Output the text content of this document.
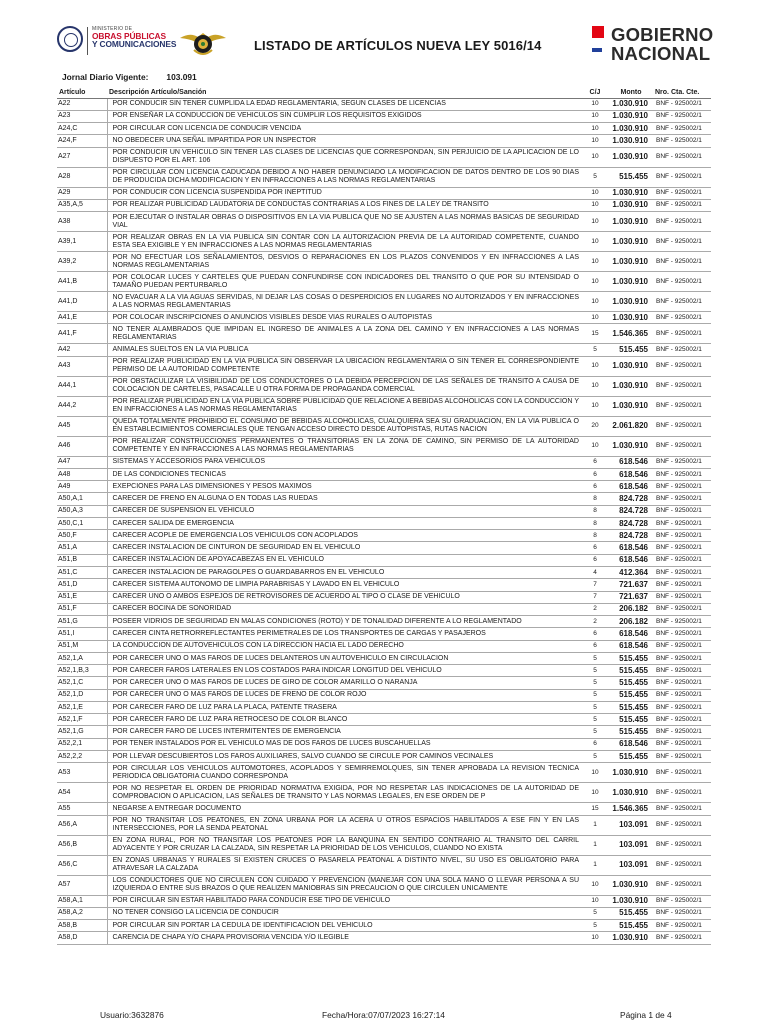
MINISTERIO DE
OBRAS PÚBLICAS
Y COMUNICACIONES	LISTADO DE ARTÍCULOS NUEVA LEY 5016/14
GOBIERNO
NACIONAL
Jornal Diario Vigente: 103.091
Artículo	Descripción Artículo/Sanción	C/J	Monto	Nro. Cta. Cte.
A22	POR CONDUCIR SIN TENER CUMPLIDA LA EDAD REGLAMENTARIA, SEGUN CLASES DE LICENCIAS	10	1.030.910	BNF - 925002/1
A23	POR ENSEÑAR LA CONDUCCION DE VEHICULOS SIN CUMPLIR LOS REQUISITOS EXIGIDOS	10	1.030.910	BNF - 925002/1
A24,C	POR CIRCULAR CON LICENCIA DE CONDUCIR VENCIDA	10	1.030.910	BNF - 925002/1
A24,F	NO OBEDECER UNA SEÑAL IMPARTIDA POR UN INSPECTOR	10	1.030.910	BNF - 925002/1
A27	POR CONDUCIR UN VEHICULO SIN TENER LAS CLASES DE LICENCIAS QUE CORRESPONDAN, SIN PERJUICIO DE LA APLICACION DE LO DISPUESTO POR EL ART. 106	10	1.030.910	BNF - 925002/1
A28	POR CIRCULAR CON LICENCIA CADUCADA DEBIDO A NO HABER DENUNCIADO LA MODIFICACION DE DATOS DENTRO DE LOS 90 DIAS DE PRODUCIDA DICHA MODIFICACION Y EN INFRACCIONES A LAS NORMAS REGLAMENTARIAS	5	515.455	BNF - 925002/1
A29	POR CONDUCIR CON LICENCIA SUSPENDIDA POR INEPTITUD	10	1.030.910	BNF - 925002/1
A35,A,5	POR REALIZAR PUBLICIDAD LAUDATORIA DE CONDUCTAS CONTRARIAS A LOS FINES DE LA LEY DE TRANSITO	10	1.030.910	BNF - 925002/1
A38	POR EJECUTAR O INSTALAR OBRAS O DISPOSITIVOS EN LA VIA PUBLICA QUE NO SE AJUSTEN A LAS NORMAS BASICAS DE SEGURIDAD VIAL	10	1.030.910	BNF - 925002/1
A39,1	POR REALIZAR OBRAS EN LA VIA PUBLICA SIN CONTAR CON LA AUTORIZACION PREVIA DE LA AUTORIDAD COMPETENTE, CUANDO ESTA SEA EXIGIBLE Y EN INFRACCIONES A LAS NORMAS REGLAMENTARIAS	10	1.030.910	BNF - 925002/1
A39,2	POR NO EFECTUAR LOS SEÑALAMIENTOS, DESVIOS O REPARACIONES EN LOS PLAZOS CONVENIDOS Y EN INFRACCIONES A LAS NORMAS REGLAMENTARIAS	10	1.030.910	BNF - 925002/1
A41,B	POR COLOCAR LUCES Y CARTELES QUE PUEDAN CONFUNDIRSE CON INDICADORES DEL TRANSITO O QUE POR SU INTENSIDAD O TAMAÑO PUEDAN PERTURBARLO	10	1.030.910	BNF - 925002/1
A41,D	NO EVACUAR A LA VIA AGUAS SERVIDAS, NI DEJAR LAS COSAS O DESPERDICIOS EN LUGARES NO AUTORIZADOS Y EN INFRACCIONES A LAS NORMAS REGLAMENTARIAS	10	1.030.910	BNF - 925002/1
A41,E	POR COLOCAR INSCRIPCIONES O ANUNCIOS VISIBLES DESDE VIAS RURALES O AUTOPISTAS	10	1.030.910	BNF - 925002/1
A41,F	NO TENER ALAMBRADOS QUE IMPIDAN EL INGRESO DE ANIMALES A LA ZONA DEL CAMINO Y EN INFRACCIONES A LAS NORMAS REGLAMENTARIAS	15	1.546.365	BNF - 925002/1
A42	ANIMALES SUELTOS EN LA VIA PUBLICA	5	515.455	BNF - 925002/1
A43	POR REALIZAR PUBLICIDAD EN LA VIA PUBLICA SIN OBSERVAR LA UBICACION REGLAMENTARIA O SIN TENER EL CORRESPONDIENTE PERMISO DE LA AUTORIDAD COMPETENTE	10	1.030.910	BNF - 925002/1
A44,1	POR OBSTACULIZAR LA VISIBILIDAD DE LOS CONDUCTORES O LA DEBIDA PERCEPCION DE LAS SEÑALES DE TRANSITO A CAUSA DE COLOCACION DE CARTELES, PASACALLE U OTRA FORMA DE PROPAGANDA COMERCIAL	10	1.030.910	BNF - 925002/1
A44,2	POR REALIZAR PUBLICIDAD EN LA VIA PUBLICA SOBRE PUBLICIDAD QUE RELACIONE A BEBIDAS ALCOHOLICAS CON LA CONDUCCION Y EN INFRACCIONES A LAS NORMAS REGLAMENTARIAS	10	1.030.910	BNF - 925002/1
A45	QUEDA TOTALMENTE PROHIBIDO EL CONSUMO DE BEBIDAS ALCOHOLICAS, CUALQUIERA SEA SU GRADUACION, EN LA VIA PUBLICA O EN ESTABLECIMIENTOS COMERCIALES QUE TENGAN ACCESO DIRECTO DESDE AUTOPISTAS, RUTAS NACION	20	2.061.820	BNF - 925002/1
A46	POR REALIZAR CONSTRUCCIONES PERMANENTES O TRANSITORIAS EN LA ZONA DE CAMINO, SIN PERMISO DE LA AUTORIDAD COMPETENTE Y EN INFRACCIONES A LAS NORMAS REGLAMENTARIAS	10	1.030.910	BNF - 925002/1
A47	SISTEMAS Y ACCESORIOS PARA VEHICULOS	6	618.546	BNF - 925002/1
A48	DE LAS CONDICIONES TECNICAS	6	618.546	BNF - 925002/1
A49	EXEPCIONES PARA LAS DIMENSIONES Y PESOS MAXIMOS	6	618.546	BNF - 925002/1
A50,A,1	CARECER DE FRENO EN ALGUNA O EN TODAS LAS RUEDAS	8	824.728	BNF - 925002/1
A50,A,3	CARECER DE SUSPENSION EL VEHICULO	8	824.728	BNF - 925002/1
A50,C,1	CARECER SALIDA DE EMERGENCIA	8	824.728	BNF - 925002/1
A50,F	CARECER ACOPLE DE EMERGENCIA LOS VEHICULOS CON ACOPLADOS	8	824.728	BNF - 925002/1
A51,A	CARECER INSTALACION DE CINTURON DE SEGURIDAD EN EL VEHICULO	6	618.546	BNF - 925002/1
A51,B	CARECER INSTALACION DE APOYACABEZAS EN EL VEHICULO	6	618.546	BNF - 925002/1
A51,C	CARECER INSTALACION DE PARAGOLPES O GUARDABARROS EN EL VEHICULO	4	412.364	BNF - 925002/1
A51,D	CARECER SISTEMA AUTONOMO DE LIMPIA PARABRISAS Y LAVADO EN EL VEHICULO	7	721.637	BNF - 925002/1
A51,E	CARECER UNO O AMBOS ESPEJOS DE RETROVISORES DE ACUERDO AL TIPO O CLASE DE VEHICULO	7	721.637	BNF - 925002/1
A51,F	CARECER BOCINA DE SONORIDAD	2	206.182	BNF - 925002/1
A51,G	POSEER VIDRIOS DE SEGURIDAD EN MALAS CONDICIONES (ROTO) Y DE TONALIDAD DIFERENTE A LO REGLAMENTADO	2	206.182	BNF - 925002/1
A51,I	CARECER CINTA RETRORREFLECTANTES PERIMETRALES DE LOS TRANSPORTES DE CARGAS Y PASAJEROS	6	618.546	BNF - 925002/1
A51,M	LA CONDUCCION DE AUTOVEHICULOS CON LA DIRECCION HACIA EL LADO DERECHO	6	618.546	BNF - 925002/1
A52,1,A	POR CARECER UNO O MAS FAROS DE LUCES DELANTEROS UN AUTOVEHICULO EN CIRCULACION	5	515.455	BNF - 925002/1
A52,1,B,3	POR CARECER FAROS LATERALES EN LOS COSTADOS PARA INDICAR LONGITUD DEL VEHICULO	5	515.455	BNF - 925002/1
A52,1,C	POR CARECER UNO O MAS FAROS DE LUCES DE GIRO DE COLOR AMARILLO O NARANJA	5	515.455	BNF - 925002/1
A52,1,D	POR CARECER UNO O MAS FAROS DE LUCES DE FRENO DE COLOR ROJO	5	515.455	BNF - 925002/1
A52,1,E	POR CARECER FARO DE LUZ PARA LA PLACA, PATENTE TRASERA	5	515.455	BNF - 925002/1
A52,1,F	POR CARECER FARO DE LUZ PARA RETROCESO DE COLOR BLANCO	5	515.455	BNF - 925002/1
A52,1,G	POR CARECER FARO DE LUCES INTERMITENTES DE EMERGENCIA	5	515.455	BNF - 925002/1
A52,2,1	POR TENER INSTALADOS POR EL VEHICULO MAS DE DOS FAROS DE LUCES BUSCAHUELLAS	6	618.546	BNF - 925002/1
A52,2,2	POR LLEVAR DESCUBIERTOS LOS FAROS AUXILIARES, SALVO CUANDO SE CIRCULE POR CAMINOS VECINALES	5	515.455	BNF - 925002/1
A53	POR CIRCULAR LOS VEHICULOS AUTOMOTORES, ACOPLADOS Y SEMIRREMOLQUES, SIN TENER APROBADA LA REVISION TECNICA PERIODICA OBLIGATORIA CUANDO CORRESPONDA	10	1.030.910	BNF - 925002/1
A54	POR NO RESPETAR EL ORDEN DE PRIORIDAD NORMATIVA EXIGIDA, POR NO RESPETAR LAS INDICACIONES DE LA AUTORIDAD DE COMPROBACION O APLICACION, LAS SEÑALES DE TRANSITO Y LAS NORMAS LEGALES, EN ESE ORDEN DE P	10	1.030.910	BNF - 925002/1
A55	NEGARSE A ENTREGAR DOCUMENTO	15	1.546.365	BNF - 925002/1
A56,A	POR NO TRANSITAR LOS PEATONES, EN ZONA URBANA POR LA ACERA U OTROS ESPACIOS HABILITADOS A ESE FIN Y EN LAS INTERSECCIONES, POR LA SENDA PEATONAL	1	103.091	BNF - 925002/1
A56,B	EN ZONA RURAL, POR NO TRANSITAR LOS PEATONES POR LA BANQUINA EN SENTIDO CONTRARIO AL TRANSITO DEL CARRIL ADYACENTE Y POR CRUZAR LA CALZADA, SIN RESPETAR LA PRIORIDAD DE LOS VEHICULOS, CUANDO NO EXISTA	1	103.091	BNF - 925002/1
A56,C	EN ZONAS URBANAS Y RURALES SI EXISTEN CRUCES O PASARELA PEATONAL A DISTINTO NIVEL, SU USO ES OBLIGATORIO PARA ATRAVESAR LA CALZADA	1	103.091	BNF - 925002/1
A57	LOS CONDUCTORES QUE NO CIRCULEN CON CUIDADO Y PREVENCION (MANEJAR CON UNA SOLA MANO O LLEVAR PERSONA A SU IZQUIERDA O ENTRE SUS BRAZOS O QUE REALIZEN MANIOBRAS SIN PRECAUCION O QUE CIRCULEN UNICAMENTE	10	1.030.910	BNF - 925002/1
A58,A,1	POR CIRCULAR SIN ESTAR HABILITADO PARA CONDUCIR ESE TIPO DE VEHICULO	10	1.030.910	BNF - 925002/1
A58,A,2	NO TENER CONSIGO LA LICENCIA DE CONDUCIR	5	515.455	BNF - 925002/1
A58,B	POR CIRCULAR SIN PORTAR LA CEDULA DE IDENTIFICACION DEL VEHICULO	5	515.455	BNF - 925002/1
A58,D	CARENCIA DE CHAPA Y/O CHAPA PROVISORIA VENCIDA Y/O ILEGIBLE	10	1.030.910	BNF - 925002/1
Usuario:3632876	Fecha/Hora:07/07/2023 16:27:14	Página 1 de 4
